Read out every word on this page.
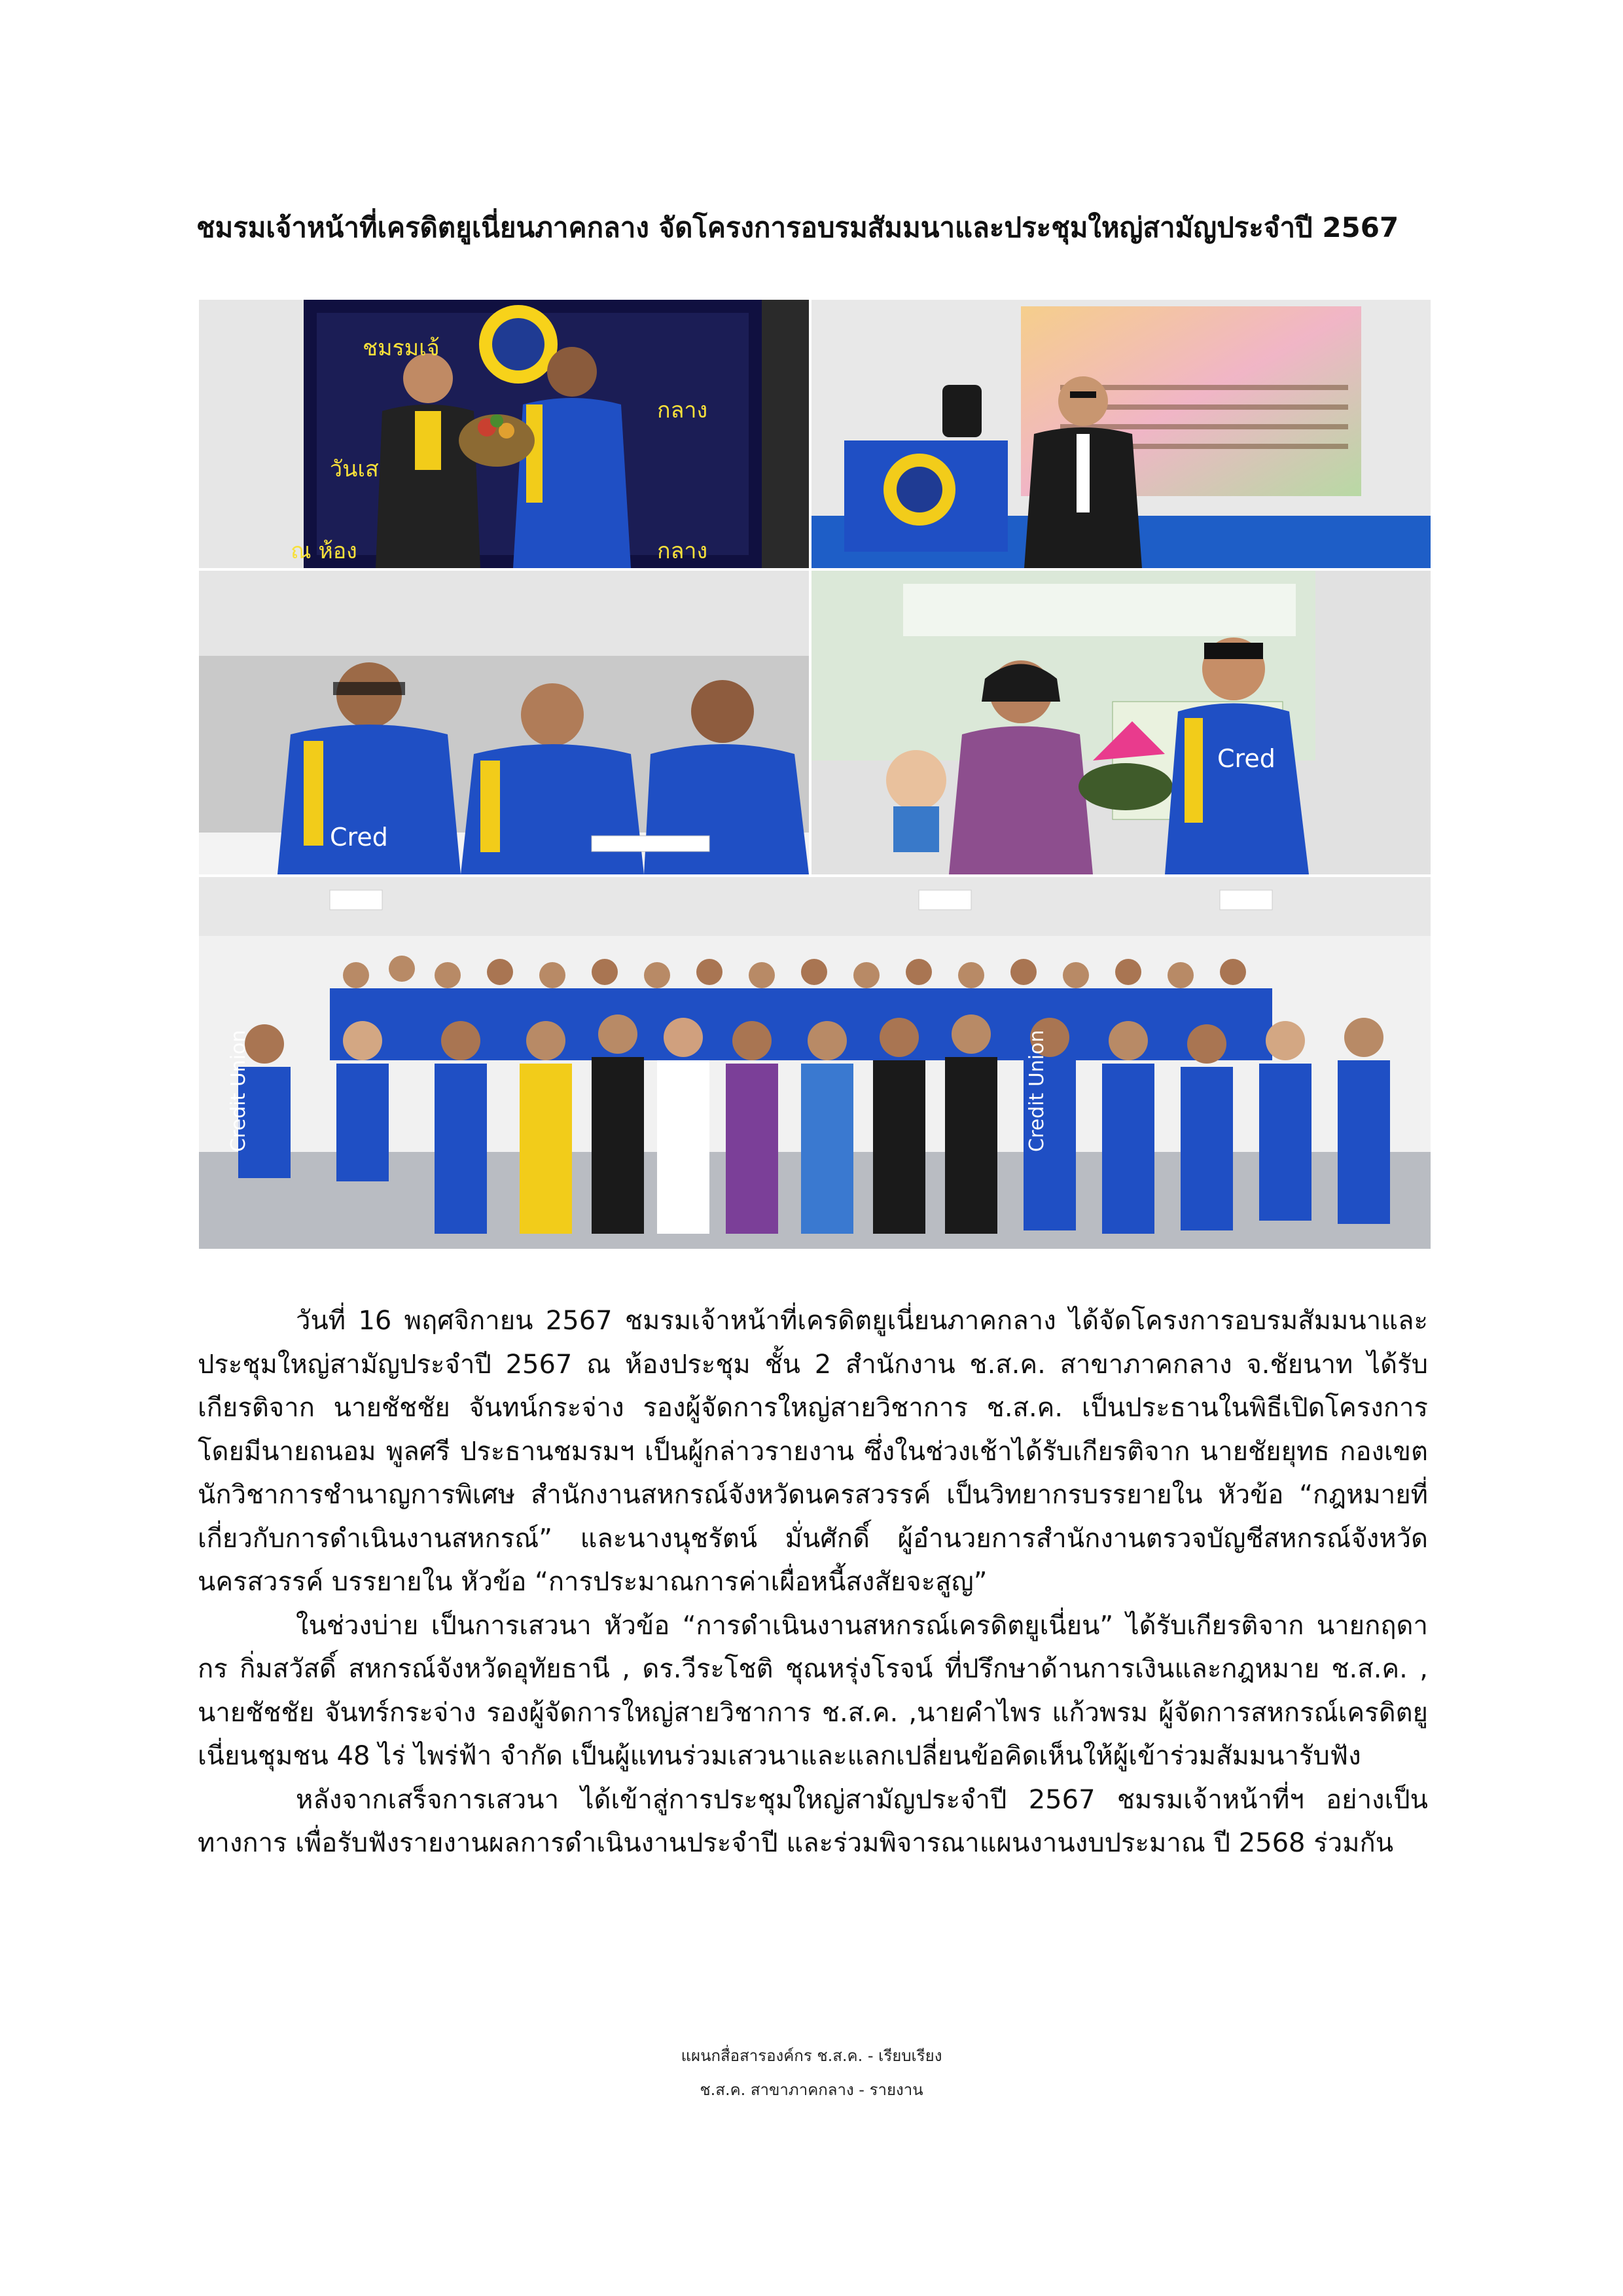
ชมรมเจ้าหน้าที่เครดิตยูเนี่ยนภาคกลาง จัดโครงการอบรมสัมมนาและประชุมใหญ่สามัญประจำปี 2567
ชมรมเจ้
กลาง
วันเส
ณ ห้อง	กลาง
Cred
Cred
Credit Union	Credit Union

วันที่ 16 พฤศจิกายน 2567 ชมรมเจ้าหน้าที่เครดิตยูเนี่ยนภาคกลาง ได้จัดโครงการอบรมสัมมนาและประชุมใหญ่สามัญประจำปี 2567 ณ ห้องประชุม ชั้น 2 สำนักงาน ช.ส.ค. สาขาภาคกลาง จ.ชัยนาท ได้รับเกียรติจาก นายชัชชัย จันทน์กระจ่าง รองผู้จัดการใหญ่สายวิชาการ ช.ส.ค. เป็นประธานในพิธีเปิดโครงการ โดยมีนายถนอม พูลศรี ประธานชมรมฯ เป็นผู้กล่าวรายงาน ซึ่งในช่วงเช้าได้รับเกียรติจาก นายชัยยุทธ กองเขต นักวิชาการชำนาญการพิเศษ สำนักงานสหกรณ์จังหวัดนครสวรรค์ เป็นวิทยากรบรรยายใน หัวข้อ “กฎหมายที่เกี่ยวกับการดำเนินงานสหกรณ์” และนางนุชรัตน์ มั่นศักดิ์ ผู้อำนวยการสำนักงานตรวจบัญชีสหกรณ์จังหวัดนครสวรรค์ บรรยายใน หัวข้อ “การประมาณการค่าเผื่อหนี้สงสัยจะสูญ”

ในช่วงบ่าย เป็นการเสวนา หัวข้อ “การดำเนินงานสหกรณ์เครดิตยูเนี่ยน” ได้รับเกียรติจาก นายกฤดากร กิ่มสวัสดิ์ สหกรณ์จังหวัดอุทัยธานี , ดร.วีระโชติ ชุณหรุ่งโรจน์ ที่ปรึกษาด้านการเงินและกฎหมาย ช.ส.ค. , นายชัชชัย จันทร์กระจ่าง รองผู้จัดการใหญ่สายวิชาการ ช.ส.ค. ,นายคำไพร แก้วพรม ผู้จัดการสหกรณ์เครดิตยูเนี่ยนชุมชน 48 ไร่ ไพร่ฟ้า จำกัด เป็นผู้แทนร่วมเสวนาและแลกเปลี่ยนข้อคิดเห็นให้ผู้เข้าร่วมสัมมนารับฟัง

หลังจากเสร็จการเสวนา ได้เข้าสู่การประชุมใหญ่สามัญประจำปี 2567 ชมรมเจ้าหน้าที่ฯ อย่างเป็นทางการ เพื่อรับฟังรายงานผลการดำเนินงานประจำปี และร่วมพิจารณาแผนงานงบประมาณ ปี 2568 ร่วมกัน

แผนกสื่อสารองค์กร ช.ส.ค. - เรียบเรียง
ช.ส.ค. สาขาภาคกลาง - รายงาน
